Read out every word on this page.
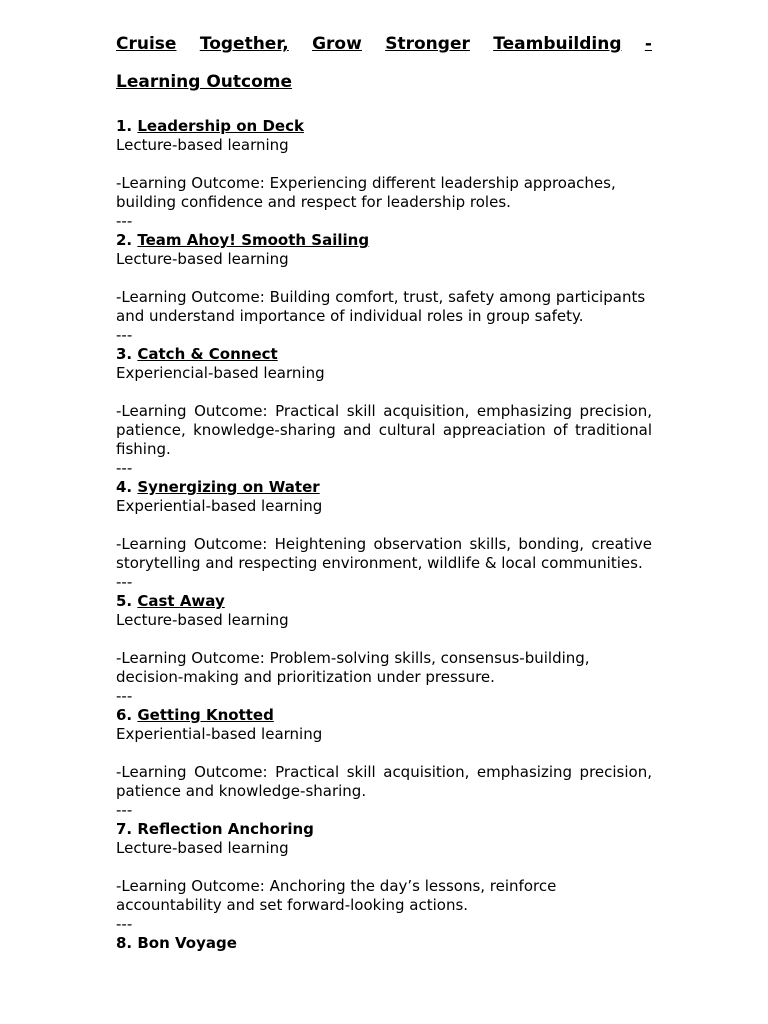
Cruise Together, Grow Stronger Teambuilding -
Learning Outcome
1. Leadership on Deck
Lecture-based learning
-Learning Outcome: Experiencing different leadership approaches, building confidence and respect for leadership roles.
---
2. Team Ahoy! Smooth Sailing
Lecture-based learning
-Learning Outcome: Building comfort, trust, safety among participants and understand importance of individual roles in group safety.
---
3. Catch & Connect
Experiencial-based learning
-Learning Outcome: Practical skill acquisition, emphasizing precision, patience, knowledge-sharing and cultural appreaciation of traditional fishing.
---
4. Synergizing on Water
Experiential-based learning
-Learning Outcome: Heightening observation skills, bonding, creative storytelling and respecting environment, wildlife & local communities.
---
5. Cast Away
Lecture-based learning
-Learning Outcome: Problem-solving skills, consensus-building, decision-making and prioritization under pressure.
---
6. Getting Knotted
Experiential-based learning
-Learning Outcome: Practical skill acquisition, emphasizing precision, patience and knowledge-sharing.
---
7. Reflection Anchoring
Lecture-based learning
-Learning Outcome: Anchoring the day’s lessons, reinforce accountability and set forward-looking actions.
---
8. Bon Voyage
